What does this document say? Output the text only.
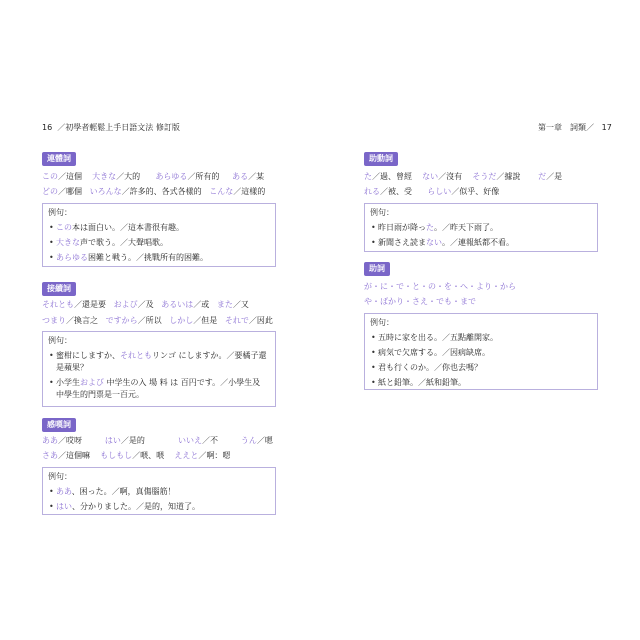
16 ／初學者輕鬆上手日語文法 修訂版
連體詞
この／這個 大きな／大的 あらゆる／所有的 ある／某
どの／哪個 いろんな／許多的、各式各樣的 こんな／這樣的
例句：
• この本は面白い。／這本書很有趣。
• 大きな声で歌う。／大聲唱歌。
• あらゆる困難と戦う。／挑戰所有的困難。
接續詞
それとも／還是要 および／及 あるいは／或 また／又
つまり／換言之 ですから／所以 しかし／但是 それで／因此
例句：
• 蜜柑にしますか、それともリンゴ にしますか。／要橘子還
是蘋果？
• 小学生および 中学生の入 場 料 は 百円です。／小學生及
中學生的門票是一百元。
感嘆詞
ああ／哎呀	はい／是的	いいえ／不	うん／嗯
さあ／這個嘛 もしもし／喂、喂 ええと／啊：嗯
例句：
• ああ、困った。／啊，真傷腦筋！
• はい、分かりました。／是的，知道了。
第一章　詞類／ 17
助動詞
た／過、曾經 ない／沒有 そうだ／據說 だ／是
れる／被、受 らしい／似乎、好像
例句：
• 昨日雨が降った。／昨天下雨了。
• 新聞さえ読まない。／連報紙都不看。
助詞
が・に・で・と・の・を・へ・より・から
や・ばかり・さえ・でも・まで
例句：
• 五時に家を出る。／五點離開家。
• 病気で欠席する。／因病缺席。
• 君も行くのか。／你也去嗎？
• 紙と鉛筆。／紙和鉛筆。
